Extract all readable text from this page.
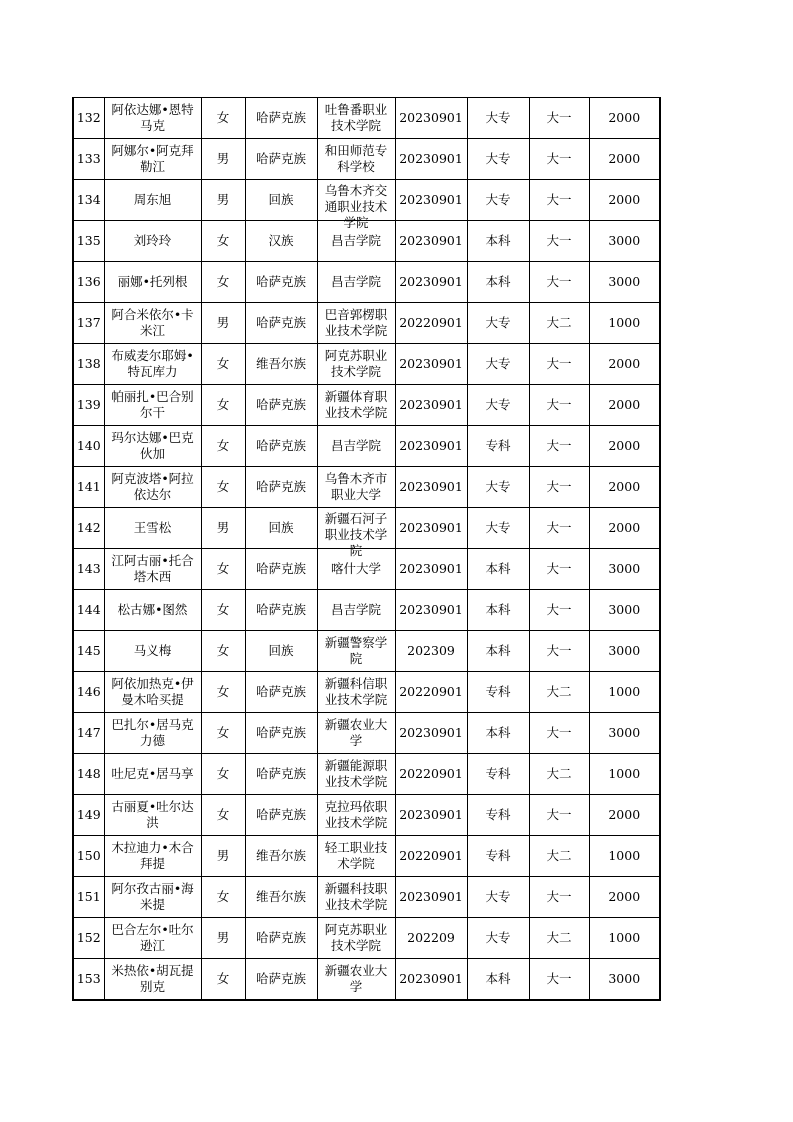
132	阿依达娜•恩特马克	女	哈萨克族	吐鲁番职业技术学院	20230901	大专	大一	2000
133	阿娜尔•阿克拜勒江	男	哈萨克族	和田师范专科学校	20230901	大专	大一	2000
134	周东旭	男	回族	乌鲁木齐交通职业技术学院	20230901	大专	大一	2000
135	刘玲玲	女	汉族	昌吉学院	20230901	本科	大一	3000
136	丽娜•托列根	女	哈萨克族	昌吉学院	20230901	本科	大一	3000
137	阿合米依尔•卡米江	男	哈萨克族	巴音郭楞职业技术学院	20220901	大专	大二	1000
138	布威麦尔耶姆•特瓦库力	女	维吾尔族	阿克苏职业技术学院	20230901	大专	大一	2000
139	帕丽扎•巴合别尔干	女	哈萨克族	新疆体育职业技术学院	20230901	大专	大一	2000
140	玛尔达娜•巴克伙加	女	哈萨克族	昌吉学院	20230901	专科	大一	2000
141	阿克波塔•阿拉依达尔	女	哈萨克族	乌鲁木齐市职业大学	20230901	大专	大一	2000
142	王雪松	男	回族	新疆石河子职业技术学院	20230901	大专	大一	2000
143	江阿古丽•托合塔木西	女	哈萨克族	喀什大学	20230901	本科	大一	3000
144	松古娜•图然	女	哈萨克族	昌吉学院	20230901	本科	大一	3000
145	马义梅	女	回族	新疆警察学院	202309	本科	大一	3000
146	阿依加热克•伊曼木哈买提	女	哈萨克族	新疆科信职业技术学院	20220901	专科	大二	1000
147	巴扎尔•居马克力德	女	哈萨克族	新疆农业大学	20230901	本科	大一	3000
148	吐尼克•居马享	女	哈萨克族	新疆能源职业技术学院	20220901	专科	大二	1000
149	古丽夏•吐尔达洪	女	哈萨克族	克拉玛依职业技术学院	20230901	专科	大一	2000
150	木拉迪力•木合拜提	男	维吾尔族	轻工职业技术学院	20220901	专科	大二	1000
151	阿尔孜古丽•海米提	女	维吾尔族	新疆科技职业技术学院	20230901	大专	大一	2000
152	巴合左尔•吐尔逊江	男	哈萨克族	阿克苏职业技术学院	202209	大专	大二	1000
153	米热依•胡瓦提别克	女	哈萨克族	新疆农业大学	20230901	本科	大一	3000
